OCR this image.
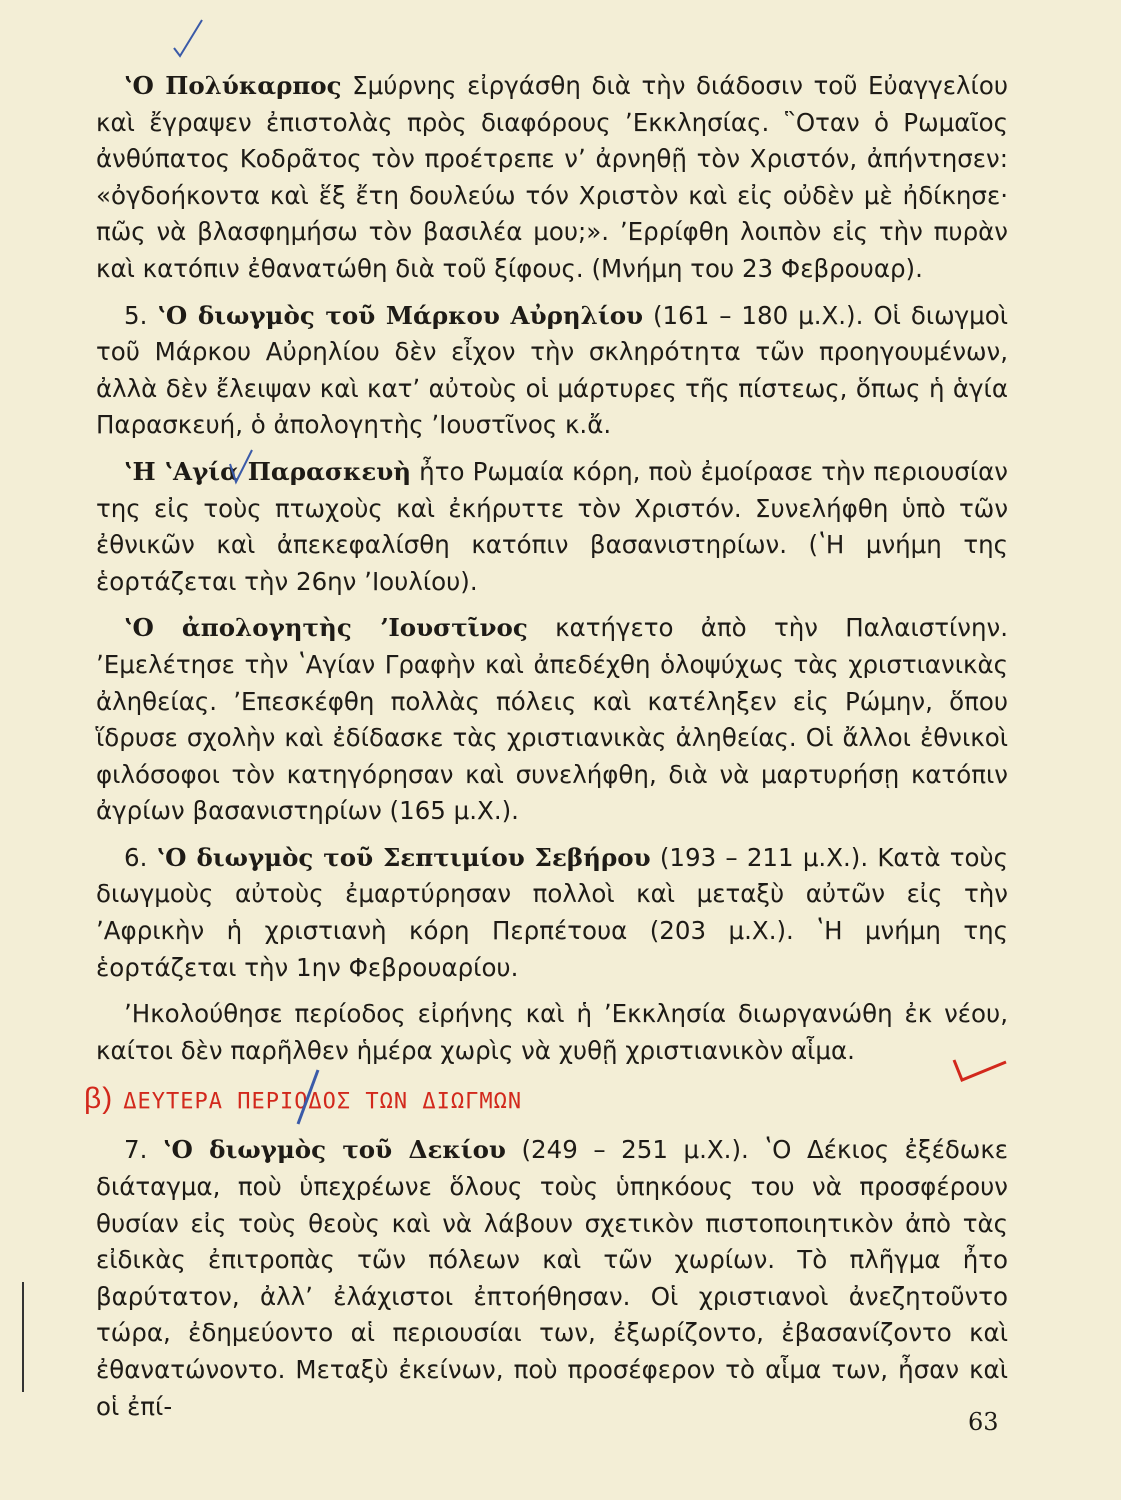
ʽΟ Πολύκαρπος Σμύρνης εἰργάσθη διὰ τὴν διάδοσιν τοῦ Εὐαγγελίου καὶ ἔγραψεν ἐπιστολὰς πρὸς διαφόρους ʼΕκκλησίας. ῝Οταν ὁ Ρωμαῖος ἀνθύπατος Κοδρᾶτος τὸν προέτρεπε νʼ ἀρνηθῇ τὸν Χριστόν, ἀπήντησεν: «ὀγδοήκοντα καὶ ἕξ ἔτη δουλεύω τόν Χριστὸν καὶ εἰς οὐδὲν μὲ ἠδίκησε· πῶς νὰ βλασφημήσω τὸν βασιλέα μου;». ʼΕρρίφθη λοιπὸν εἰς τὴν πυρὰν καὶ κατόπιν ἐθανατώθη διὰ τοῦ ξίφους. (Μνήμη του 23 Φεβρουαρ).

5. ʽΟ διωγμὸς τοῦ Μάρκου Αὐρηλίου (161 – 180 μ.Χ.). Οἱ διωγμοὶ τοῦ Μάρκου Αὐρηλίου δὲν εἶχον τὴν σκληρότητα τῶν προηγουμένων, ἀλλὰ δὲν ἔλειψαν καὶ κατʼ αὐτοὺς οἱ μάρτυρες τῆς πίστεως, ὅπως ἡ ἁγία Παρασκευή, ὁ ἀπολογητὴς ʼΙουστῖνος κ.ἄ.

ʽΗ ʽΑγία Παρασκευὴ ἦτο Ρωμαία κόρη, ποὺ ἐμοίρασε τὴν περιουσίαν της εἰς τοὺς πτωχοὺς καὶ ἐκήρυττε τὸν Χριστόν. Συνελήφθη ὑπὸ τῶν ἐθνικῶν καὶ ἀπεκεφαλίσθη κατόπιν βασανιστηρίων. (ʽΗ μνήμη της ἑορτάζεται τὴν 26ην ʼΙουλίου).

ʽΟ ἀπολογητὴς ʼΙουστῖνος κατήγετο ἀπὸ τὴν Παλαιστίνην. ʼΕμελέτησε τὴν ʽΑγίαν Γραφὴν καὶ ἀπεδέχθη ὁλοψύχως τὰς χριστιανικὰς ἀληθείας. ʼΕπεσκέφθη πολλὰς πόλεις καὶ κατέληξεν εἰς Ρώμην, ὅπου ἵδρυσε σχολὴν καὶ ἐδίδασκε τὰς χριστιανικὰς ἀληθείας. Οἱ ἄλλοι ἐθνικοὶ φιλόσοφοι τὸν κατηγόρησαν καὶ συνελήφθη, διὰ νὰ μαρτυρήσῃ κατόπιν ἀγρίων βασανιστηρίων (165 μ.Χ.).

6. ʽΟ διωγμὸς τοῦ Σεπτιμίου Σεβήρου (193 – 211 μ.Χ.). Κατὰ τοὺς διωγμοὺς αὐτοὺς ἐμαρτύρησαν πολλοὶ καὶ μεταξὺ αὐτῶν εἰς τὴν ʼΑφρικὴν ἡ χριστιανὴ κόρη Περπέτουα (203 μ.Χ.). ʽΗ μνήμη της ἑορτάζεται τὴν 1ην Φεβρουαρίου.

ʼΗκολούθησε περίοδος εἰρήνης καὶ ἡ ʼΕκκλησία διωργανώθη ἐκ νέου, καίτοι δὲν παρῆλθεν ἡμέρα χωρὶς νὰ χυθῇ χριστιανικὸν αἷμα.

β) ΔΕΥΤΕΡΑ ΠΕΡΙΟΔΟΣ ΤΩΝ ΔΙΩΓΜΩΝ

7. ʽΟ διωγμὸς τοῦ Δεκίου (249 – 251 μ.Χ.). ʽΟ Δέκιος ἐξέδωκε διάταγμα, ποὺ ὑπεχρέωνε ὅλους τοὺς ὑπηκόους του νὰ προσφέρουν θυσίαν εἰς τοὺς θεοὺς καὶ νὰ λάβουν σχετικὸν πιστοποιητικὸν ἀπὸ τὰς εἰδικὰς ἐπιτροπὰς τῶν πόλεων καὶ τῶν χωρίων. Τὸ πλῆγμα ἦτο βαρύτατον, ἀλλʼ ἐλάχιστοι ἐπτοήθησαν. Οἱ χριστιανοὶ ἀνεζητοῦντο τώρα, ἐδημεύοντο αἱ περιουσίαι των, ἐξωρίζοντο, ἐβασανίζοντο καὶ ἐθανατώνοντο. Μεταξὺ ἐκείνων, ποὺ προσέφερον τὸ αἷμα των, ἦσαν καὶ οἱ ἐπί-

63
